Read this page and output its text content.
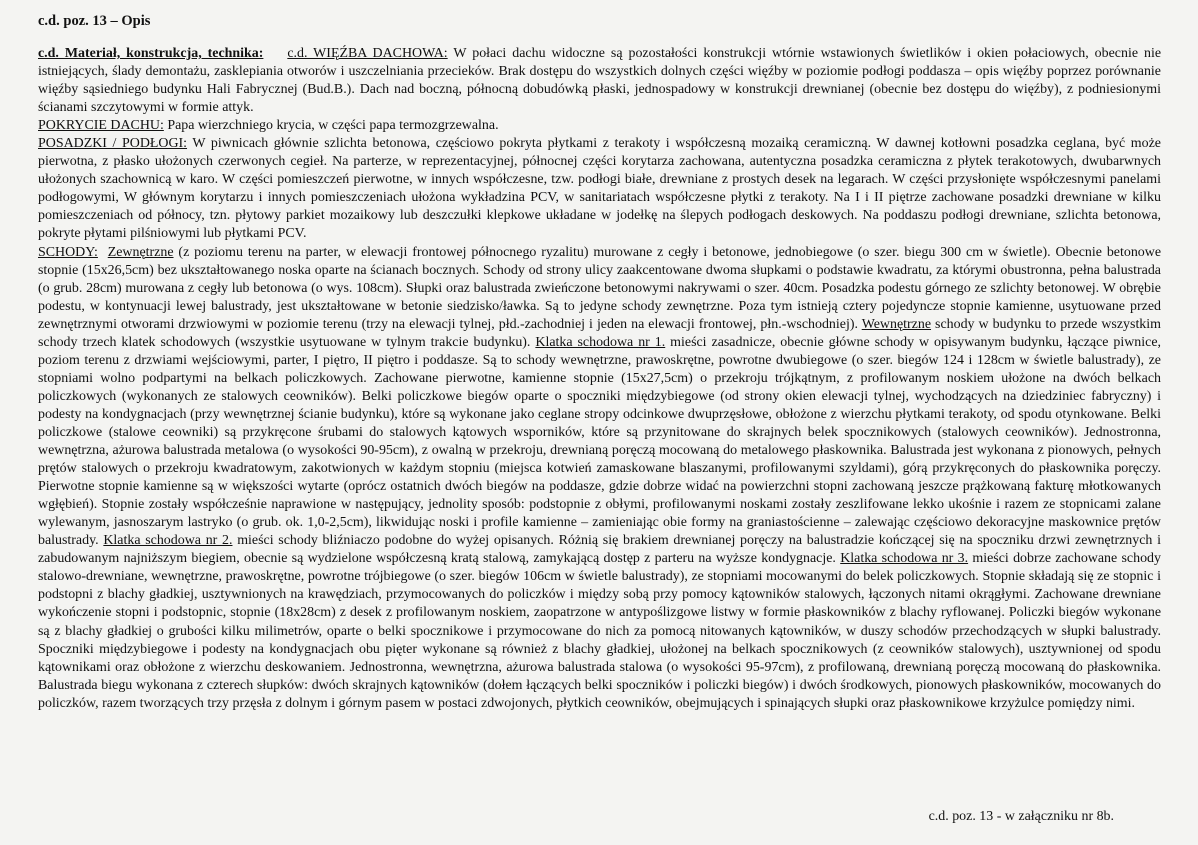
c.d. poz. 13 – Opis

c.d. Materiał, konstrukcja, technika: c.d. WIĘŹBA DACHOWA: W połaci dachu widoczne są pozostałości konstrukcji wtórnie wstawionych świetlików i okien połaciowych, obecnie nie istniejących, ślady demontażu, zasklepiania otworów i uszczelniania przecieków. Brak dostępu do wszystkich dolnych części więźby w poziomie podłogi poddasza – opis więźby poprzez porównanie więźby sąsiedniego budynku Hali Fabrycznej (Bud.B.). Dach nad boczną, północną dobudówką płaski, jednospadowy w konstrukcji drewnianej (obecnie bez dostępu do więźby), z podniesionymi ścianami szczytowymi w formie attyk.

POKRYCIE DACHU: Papa wierzchniego krycia, w części papa termozgrzewalna.

POSADZKI / PODŁOGI: W piwnicach głównie szlichta betonowa, częściowo pokryta płytkami z terakoty i współczesną mozaiką ceramiczną. W dawnej kotłowni posadzka ceglana, być może pierwotna, z płasko ułożonych czerwonych cegieł. Na parterze, w reprezentacyjnej, północnej części korytarza zachowana, autentyczna posadzka ceramiczna z płytek terakotowych, dwubarwnych ułożonych szachownicą w karo. W części pomieszczeń pierwotne, w innych współczesne, tzw. podłogi białe, drewniane z prostych desek na legarach. W części przysłonięte współczesnymi panelami podłogowymi, W głównym korytarzu i innych pomieszczeniach ułożona wykładzina PCV, w sanitariatach współczesne płytki z terakoty. Na I i II piętrze zachowane posadzki drewniane w kilku pomieszczeniach od północy, tzn. płytowy parkiet mozaikowy lub deszczułki klepkowe układane w jodełkę na ślepych podłogach deskowych. Na poddaszu podłogi drewniane, szlichta betonowa, pokryte płytami pilśniowymi lub płytkami PCV.

SCHODY: Zewnętrzne (z poziomu terenu na parter, w elewacji frontowej północnego ryzalitu) murowane z cegły i betonowe, jednobiegowe (o szer. biegu 300 cm w świetle). Obecnie betonowe stopnie (15x26,5cm) bez ukształtowanego noska oparte na ścianach bocznych. Schody od strony ulicy zaakcentowane dwoma słupkami o podstawie kwadratu, za którymi obustronna, pełna balustrada (o grub. 28cm) murowana z cegły lub betonowa (o wys. 108cm). Słupki oraz balustrada zwieńczone betonowymi nakrywami o szer. 40cm. Posadzka podestu górnego ze szlichty betonowej. W obrębie podestu, w kontynuacji lewej balustrady, jest ukształtowane w betonie siedzisko/ławka. Są to jedyne schody zewnętrzne. Poza tym istnieją cztery pojedyncze stopnie kamienne, usytuowane przed zewnętrznymi otworami drzwiowymi w poziomie terenu (trzy na elewacji tylnej, płd.-zachodniej i jeden na elewacji frontowej, płn.-wschodniej). Wewnętrzne schody w budynku to przede wszystkim schody trzech klatek schodowych (wszystkie usytuowane w tylnym trakcie budynku). Klatka schodowa nr 1. mieści zasadnicze, obecnie główne schody w opisywanym budynku, łączące piwnice, poziom terenu z drzwiami wejściowymi, parter, I piętro, II piętro i poddasze. Są to schody wewnętrzne, prawoskrętne, powrotne dwubiegowe (o szer. biegów 124 i 128cm w świetle balustrady), ze stopniami wolno podpartymi na belkach policzkowych. Zachowane pierwotne, kamienne stopnie (15x27,5cm) o przekroju trójkątnym, z profilowanym noskiem ułożone na dwóch belkach policzkowych (wykonanych ze stalowych ceowników). Belki policzkowe biegów oparte o spoczniki międzybiegowe (od strony okien elewacji tylnej, wychodzących na dziedziniec fabryczny) i podesty na kondygnacjach (przy wewnętrznej ścianie budynku), które są wykonane jako ceglane stropy odcinkowe dwuprzęsłowe, obłożone z wierzchu płytkami terakoty, od spodu otynkowane. Belki policzkowe (stalowe ceowniki) są przykręcone śrubami do stalowych kątowych wsporników, które są przynitowane do skrajnych belek spocznikowych (stalowych ceowników). Jednostronna, wewnętrzna, ażurowa balustrada metalowa (o wysokości 90-95cm), z owalną w przekroju, drewnianą poręczą mocowaną do metalowego płaskownika. Balustrada jest wykonana z pionowych, pełnych prętów stalowych o przekroju kwadratowym, zakotwionych w każdym stopniu (miejsca kotwień zamaskowane blaszanymi, profilowanymi szyldami), górą przykręconych do płaskownika poręczy. Pierwotne stopnie kamienne są w większości wytarte (oprócz ostatnich dwóch biegów na poddasze, gdzie dobrze widać na powierzchni stopni zachowaną jeszcze prążkowaną fakturę młotkowanych wgłębień). Stopnie zostały współcześnie naprawione w następujący, jednolity sposób: podstopnie z obłymi, profilowanymi noskami zostały zeszlifowane lekko ukośnie i razem ze stopnicami zalane wylewanym, jasnoszarym lastryko (o grub. ok. 1,0-2,5cm), likwidując noski i profile kamienne – zamieniając obie formy na graniastościenne – zalewając częściowo dekoracyjne maskownice prętów balustrady. Klatka schodowa nr 2. mieści schody bliźniaczo podobne do wyżej opisanych. Różnią się brakiem drewnianej poręczy na balustradzie kończącej się na spoczniku drzwi zewnętrznych i zabudowanym najniższym biegiem, obecnie są wydzielone współczesną kratą stalową, zamykającą dostęp z parteru na wyższe kondygnacje. Klatka schodowa nr 3. mieści dobrze zachowane schody stalowo-drewniane, wewnętrzne, prawoskrętne, powrotne trójbiegowe (o szer. biegów 106cm w świetle balustrady), ze stopniami mocowanymi do belek policzkowych. Stopnie składają się ze stopnic i podstopni z blachy gładkiej, usztywnionych na krawędziach, przymocowanych do policzków i między sobą przy pomocy kątowników stalowych, łączonych nitami okrągłymi. Zachowane drewniane wykończenie stopni i podstopnic, stopnie (18x28cm) z desek z profilowanym noskiem, zaopatrzone w antypoślizgowe listwy w formie płaskowników z blachy ryflowanej. Policzki biegów wykonane są z blachy gładkiej o grubości kilku milimetrów, oparte o belki spocznikowe i przymocowane do nich za pomocą nitowanych kątowników, w duszy schodów przechodzących w słupki balustrady. Spoczniki międzybiegowe i podesty na kondygnacjach obu pięter wykonane są również z blachy gładkiej, ułożonej na belkach spocznikowych (z ceowników stalowych), usztywnionej od spodu kątownikami oraz obłożone z wierzchu deskowaniem. Jednostronna, wewnętrzna, ażurowa balustrada stalowa (o wysokości 95-97cm), z profilowaną, drewnianą poręczą mocowaną do płaskownika. Balustrada biegu wykonana z czterech słupków: dwóch skrajnych kątowników (dołem łączących belki spoczników i policzki biegów) i dwóch środkowych, pionowych płaskowników, mocowanych do policzków, razem tworzących trzy przęsła z dolnym i górnym pasem w postaci zdwojonych, płytkich ceowników, obejmujących i spinających słupki oraz płaskownikowe krzyżulce pomiędzy nimi.

c.d. poz. 13 - w załączniku nr 8b.
